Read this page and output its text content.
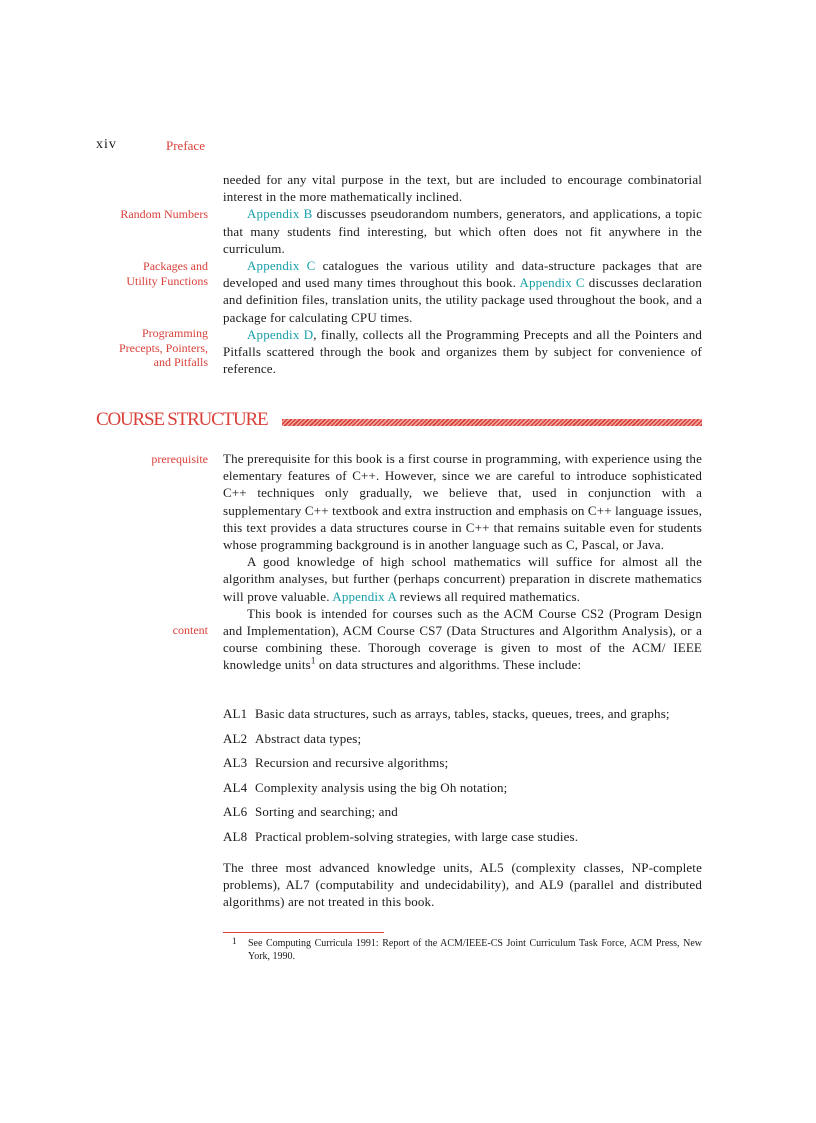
xiv	Preface

needed for any vital purpose in the text, but are included to encourage combinatorial interest in the more mathematically inclined.

Appendix B discusses pseudorandom numbers, generators, and applications, a topic that many students find interesting, but which often does not fit anywhere in the curriculum.

Appendix C catalogues the various utility and data-structure packages that are developed and used many times throughout this book. Appendix C discusses declaration and definition files, translation units, the utility package used throughout the book, and a package for calculating CPU times.

Appendix D, finally, collects all the Programming Precepts and all the Pointers and Pitfalls scattered through the book and organizes them by subject for convenience of reference.

Random Numbers
Packages and
Utility Functions
Programming
Precepts, Pointers,
and Pitfalls
COURSE STRUCTURE

The prerequisite for this book is a first course in programming, with experience using the elementary features of C++. However, since we are careful to introduce sophisticated C++ techniques only gradually, we believe that, used in conjunction with a supplementary C++ textbook and extra instruction and emphasis on C++ language issues, this text provides a data structures course in C++ that remains suitable even for students whose programming background is in another language such as C, Pascal, or Java.

A good knowledge of high school mathematics will suffice for almost all the algorithm analyses, but further (perhaps concurrent) preparation in discrete mathematics will prove valuable. Appendix A reviews all required mathematics.

This book is intended for courses such as the ACM Course CS2 (Program Design and Implementation), ACM Course CS7 (Data Structures and Algorithm Analysis), or a course combining these. Thorough coverage is given to most of the ACM/ IEEE knowledge units$^1$ on data structures and algorithms. These include:

prerequisite
content
AL1 Basic data structures, such as arrays, tables, stacks, queues, trees, and graphs;
AL2 Abstract data types;
AL3 Recursion and recursive algorithms;
AL4 Complexity analysis using the big Oh notation;
AL6 Sorting and searching; and
AL8 Practical problem-solving strategies, with large case studies.

The three most advanced knowledge units, AL5 (complexity classes, NP-complete problems), AL7 (computability and undecidability), and AL9 (parallel and distributed algorithms) are not treated in this book.

1	See Computing Curricula 1991: Report of the ACM/IEEE-CS Joint Curriculum Task Force, ACM Press, New York, 1990.
